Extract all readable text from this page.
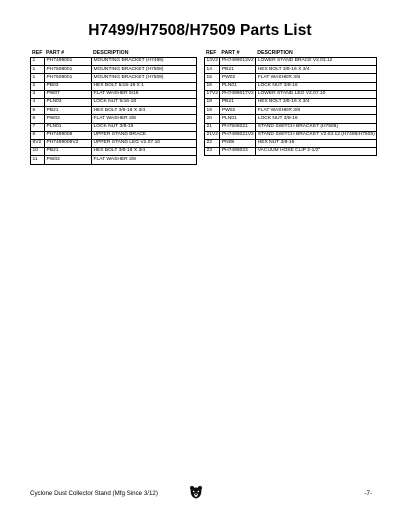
H7499/H7508/H7509 Parts List
REF	PART #	DESCRIPTION
1	PH7499001	MOUNTING BRACKET (H7499)
1	PH7508001	MOUNTING BRACKET (H7508)
1	PH7509001	MOUNTING BRACKET (H7509)
2	PB03	HEX BOLT 5/16-18 X 1
3	PW07	FLAT WASHER 5/16
4	PLN03	LOCK NUT 5/16-18
5	PB21	HEX BOLT 3/8-16 X 3/4
6	PW02	FLAT WASHER 3/8
7	PLN01	LOCK NUT 3/8-16
8	PH7499008	UPPER STAND BRACE
9V2	PH7499009V2	UPPER STAND LEG V2.07.10
10	PB21	HEX BOLT 3/8-16 X 3/4
11	PW02	FLAT WASHER 3/8
REF	PART #	DESCRIPTION
13V2	PH7499013V2	LOWER STAND BRACE V2.03.12
14	PB21	HEX BOLT 3/8-16 X 3/4
15	PW02	FLAT WASHER 3/8
16	PLN01	LOCK NUT 3/8-16
17V2	PH7499017V2	LOWER STAND LEG V2.07.10
18	PB21	HEX BOLT 3/8-16 X 3/4
19	PW02	FLAT WASHER 3/8
20	PLN01	LOCK NUT 3/8-16
21	PH7508021	STAND SWITCH BRACKET (H7508)
21V2	PH7499021V2	STAND SWITCH BRACKET V2.03.12 (H7499/H7509)
22	PN08	HEX NUT 3/8-16
23	PH7499023	VACUUM HOSE CLIP 2-1/2"
Cyclone Dust Collector Stand (Mfg Since 3/12)	-7-
